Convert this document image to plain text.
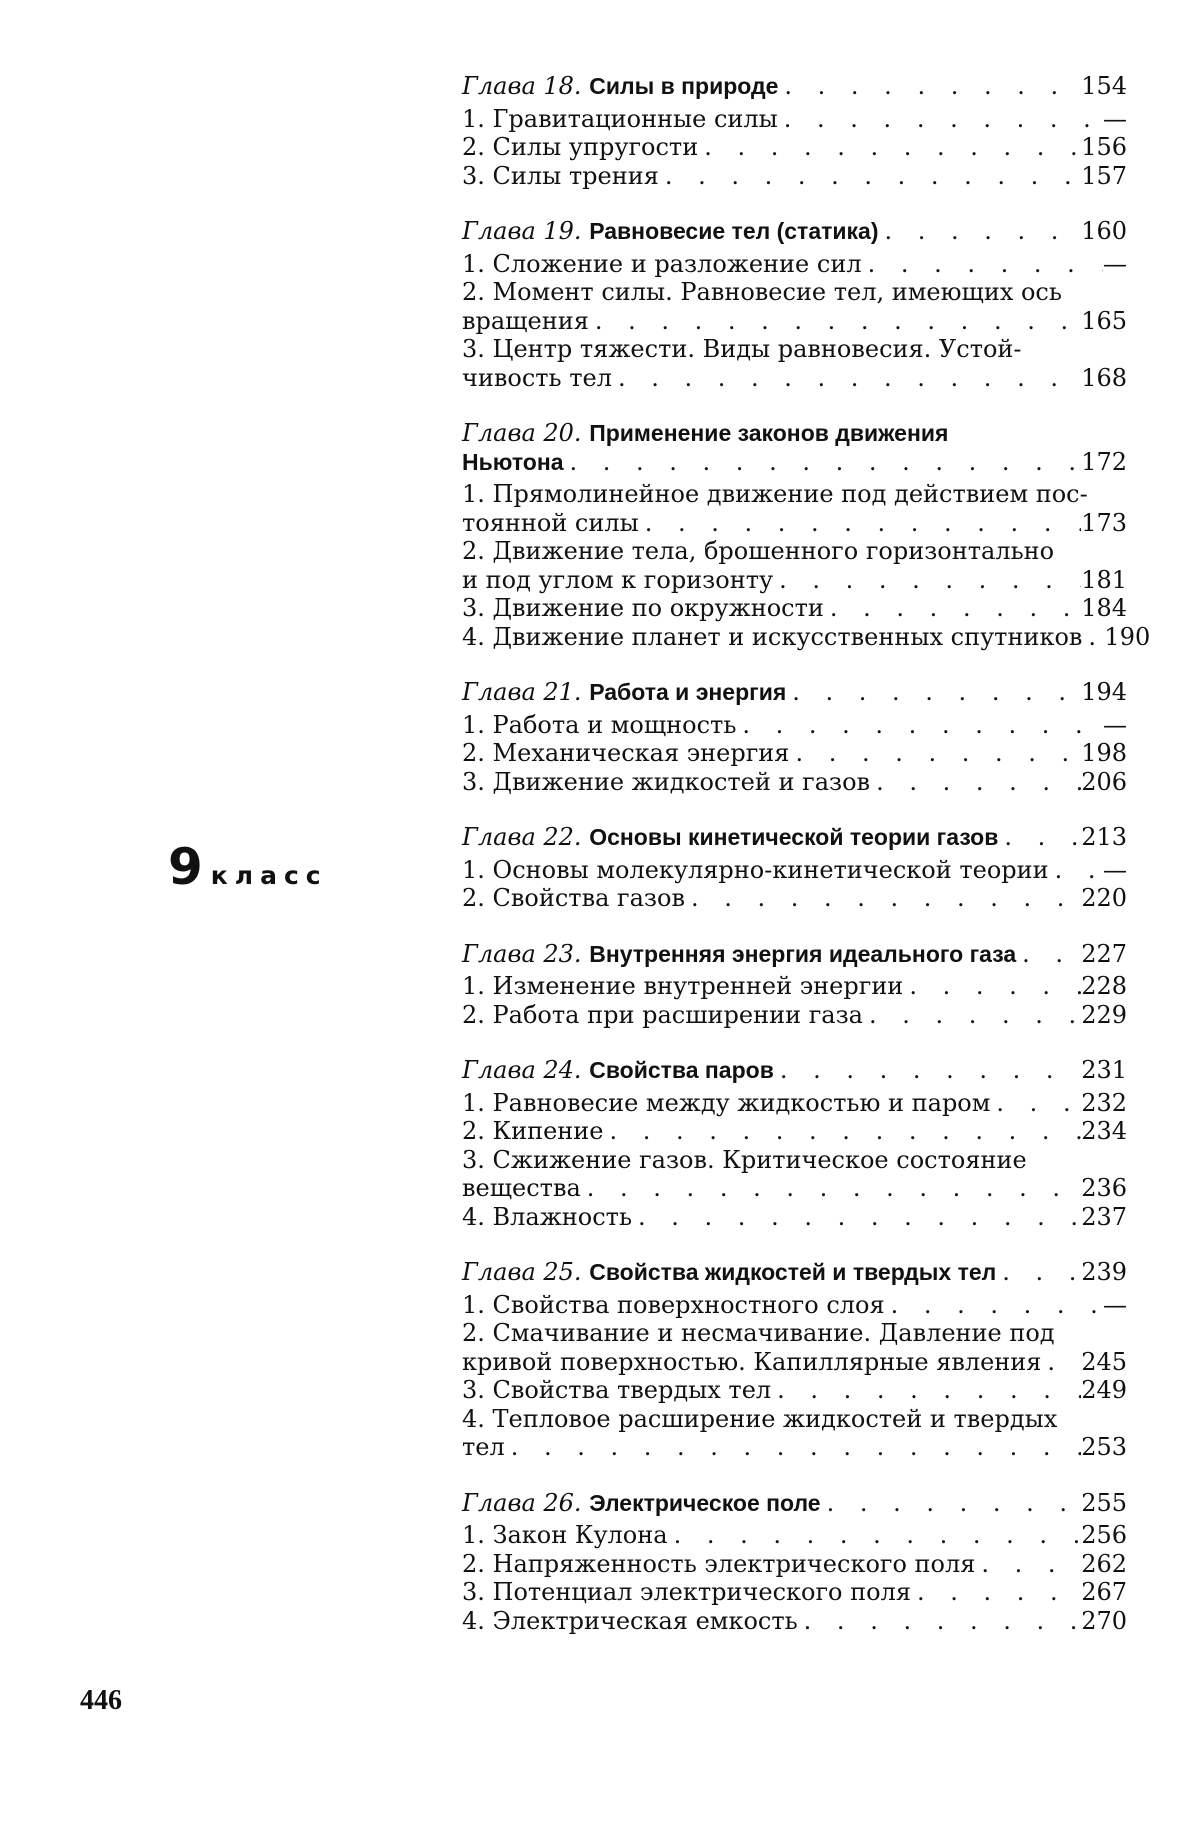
9 класс
Глава 18. Силы в природе . . .	154
1. Гравитационные силы . . .	—
2. Силы упругости . . .	156
3. Силы трения . . .	157
Глава 19. Равновесие тел (статика) . . .	160
1. Сложение и разложение сил . . .	—
2. Момент силы. Равновесие тел, имеющих ось
вращения . . .	165
3. Центр тяжести. Виды равновесия. Устой-
чивость тел . . .	168
Глава 20. Применение законов движения
Ньютона . . .	172
1. Прямолинейное движение под действием пос-
тоянной силы . . .	173
2. Движение тела, брошенного горизонтально
и под углом к горизонту . . .	181
3. Движение по окружности . . .	184
4. Движение планет и искусственных спутников . . . 190
Глава 21. Работа и энергия . . .	194
1. Работа и мощность . . .	—
2. Механическая энергия . . .	198
3. Движение жидкостей и газов . . .	206
Глава 22. Основы кинетической теории газов . . .	213
1. Основы молекулярно-кинетической теории . . . —
2. Свойства газов . . .	220
Глава 23. Внутренняя энергия идеального газа . . .	227
1. Изменение внутренней энергии . . .	228
2. Работа при расширении газа . . .	229
Глава 24. Свойства паров . . .	231
1. Равновесие между жидкостью и паром . . .	232
2. Кипение . . .	234
3. Сжижение газов. Критическое состояние
вещества . . .	236
4. Влажность . . .	237
Глава 25. Свойства жидкостей и твердых тел . . .	239
1. Свойства поверхностного слоя . . .	—
2. Смачивание и несмачивание. Давление под
кривой поверхностью. Капиллярные явления . . . 245
3. Свойства твердых тел . . .	249
4. Тепловое расширение жидкостей и твердых
тел . . .	253
Глава 26. Электрическое поле . . .	255
1. Закон Кулона . . .	256
2. Напряженность электрического поля . . .	262
3. Потенциал электрического поля . . .	267
4. Электрическая емкость . . .	270
446
